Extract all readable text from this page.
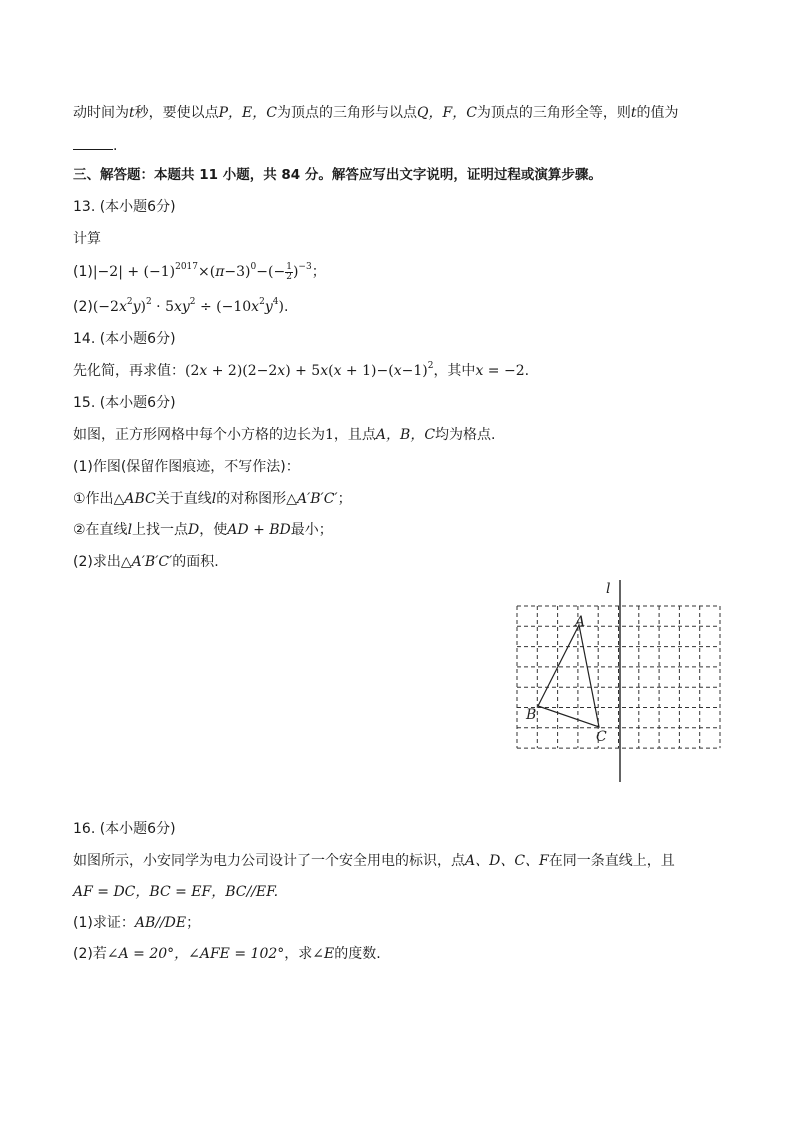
动时间为t秒，要使以点P，E，C为顶点的三角形与以点Q，F，C为顶点的三角形全等，则t的值为
.
三、解答题：本题共 11 小题，共 84 分。解答应写出文字说明，证明过程或演算步骤。
13. (本小题6分)
计算
$(1)|-2| + (-1)^{2017}\times(\pi-3)^0-(- \frac{1}{2} )^{-3}$；
$(2)(-2x^2y)^2 \cdot 5xy^2 \div (-10x^2y^4)$.
14. (本小题6分)
先化简，再求值：$(2x + 2)(2-2x) + 5x(x + 1)-(x-1)^2$，其中x = −2.
15. (本小题6分)
如图，正方形网格中每个小方格的边长为1，且点A，B，C均为格点.
(1)作图(保留作图痕迹，不写作法)：
①作出△ABC关于直线l的对称图形△A′B′C′；
②在直线l上找一点D，使AD + BD最小；
(2)求出△A′B′C′的面积.
l
A
B
C
16. (本小题6分)
如图所示，小安同学为电力公司设计了一个安全用电的标识，点A、D、C、F在同一条直线上，且
AF = DC，BC = EF，BC//EF.
(1)求证：AB//DE；
(2)若∠A = 20°，∠AFE = 102°，求∠E的度数.
